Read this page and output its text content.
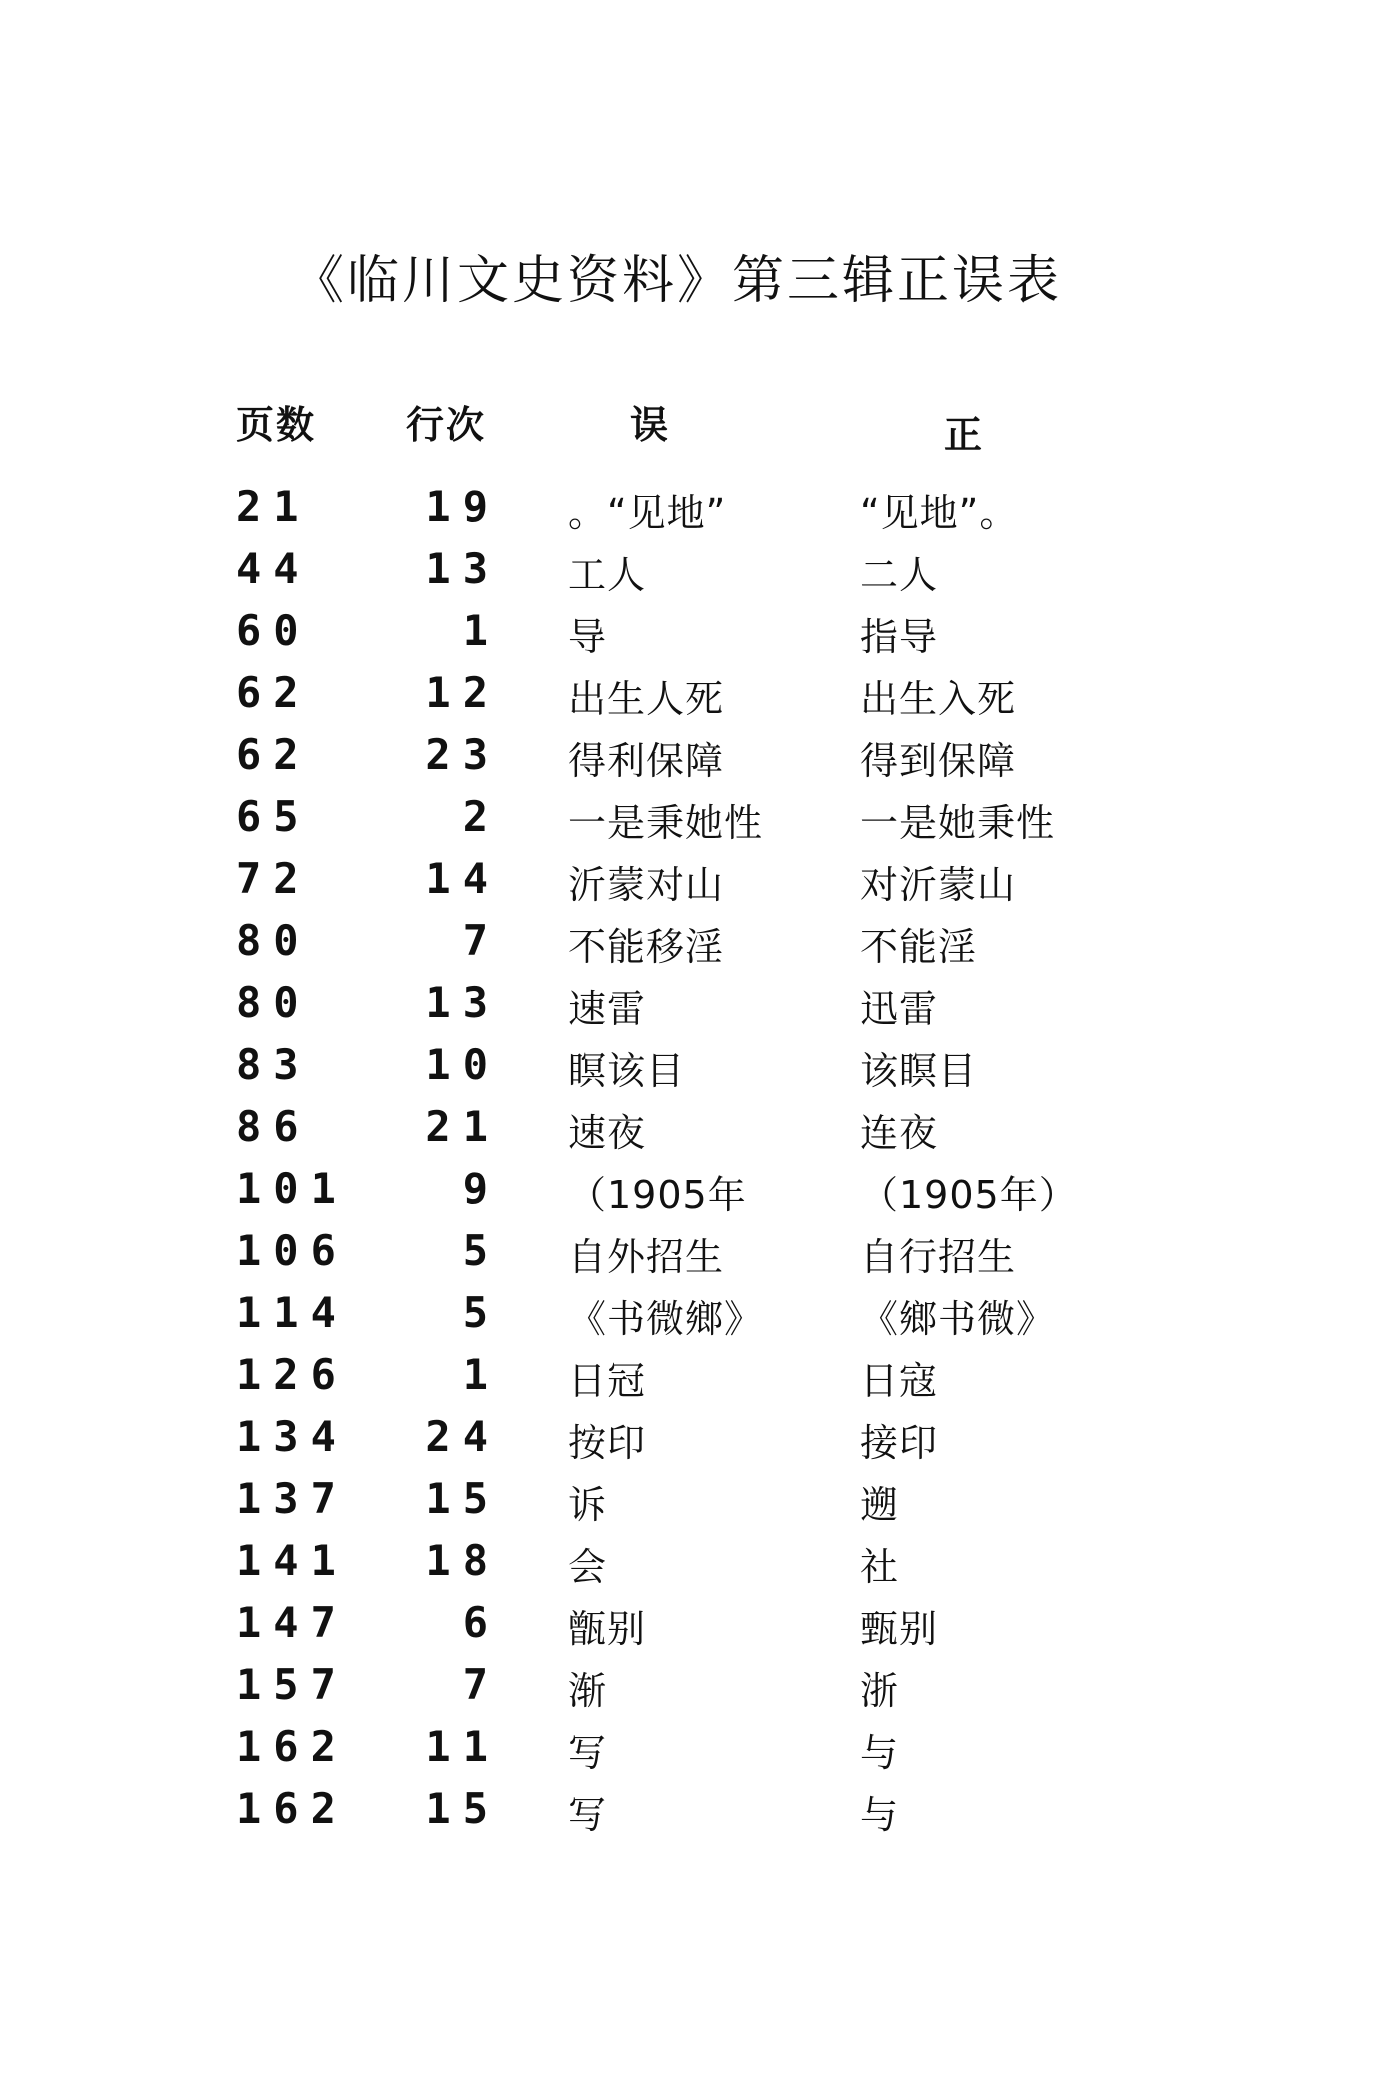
《临川文史资料》第三辑正误表
页数 行次	误	正
21	19 。“见地”	“见地”。
44	13 工人	二人
60	1 导	指导
62	12 出生人死	出生入死
62	23 得利保障	得到保障
65	2 一是秉她性	一是她秉性
72	14 沂蒙对山	对沂蒙山
80	7 不能移淫	不能淫
80	13 速雷	迅雷
83	10 瞑该目	该瞑目
86	21 速夜	连夜
101	9 （1905年	（1905年）
106	5 自外招生	自行招生
114	5 《书微鄉》	《鄉书微》
126	1 日冠	日寇
134	24 按印	接印
137	15 诉	遡
141	18 会	社
147	6 甑别	甄别
157	7 渐	浙
162	11 写	与
162	15 写	与
